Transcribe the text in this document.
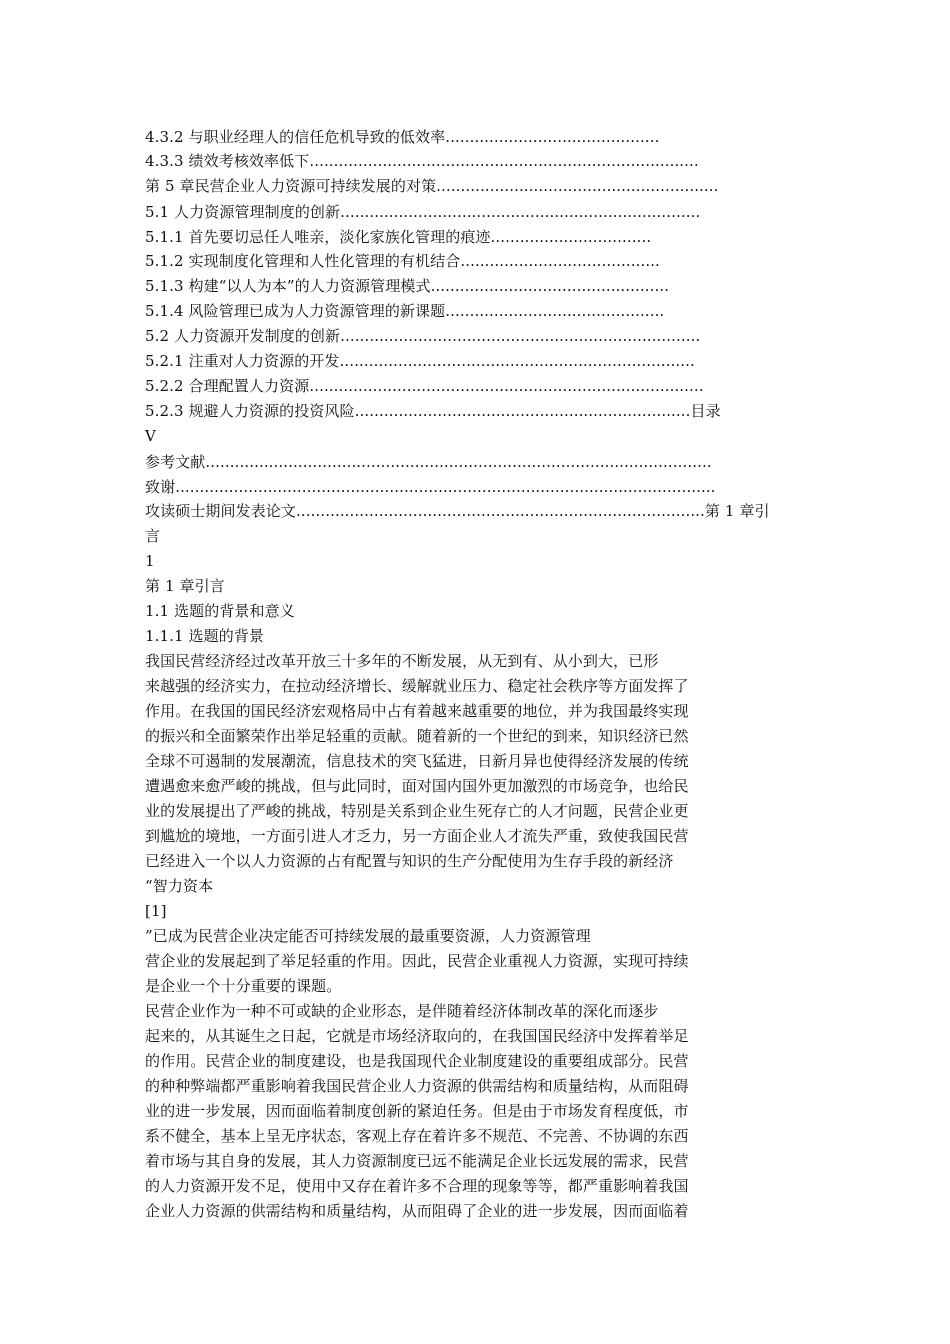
4.3.2 与职业经理人的信任危机导致的低效率............................................
4.3.3 绩效考核效率低下................................................................................
第 5 章民营企业人力资源可持续发展的对策..........................................................
5.1 人力资源管理制度的创新..........................................................................
5.1.1 首先要切忌任人唯亲，淡化家族化管理的痕迹.................................
5.1.2 实现制度化管理和人性化管理的有机结合.........................................
5.1.3 构建“以人为本”的人力资源管理模式.................................................
5.1.4 风险管理已成为人力资源管理的新课题.............................................
5.2 人力资源开发制度的创新..........................................................................
5.2.1 注重对人力资源的开发.........................................................................
5.2.2 合理配置人力资源.................................................................................
5.2.3 规避人力资源的投资风险.....................................................................目录
V
参考文献........................................................................................................
致谢...............................................................................................................
攻读硕士期间发表论文....................................................................................第 1 章引
言
1
第 1 章引言
1.1 选题的背景和意义
1.1.1 选题的背景
我国民营经济经过改革开放三十多年的不断发展，从无到有、从小到大，已形
来越强的经济实力，在拉动经济增长、缓解就业压力、稳定社会秩序等方面发挥了
作用。在我国的国民经济宏观格局中占有着越来越重要的地位，并为我国最终实现
的振兴和全面繁荣作出举足轻重的贡献。随着新的一个世纪的到来，知识经济已然
全球不可遏制的发展潮流，信息技术的突飞猛进，日新月异也使得经济发展的传统
遭遇愈来愈严峻的挑战，但与此同时，面对国内国外更加激烈的市场竞争，也给民
业的发展提出了严峻的挑战，特别是关系到企业生死存亡的人才问题，民营企业更
到尴尬的境地，一方面引进人才乏力，另一方面企业人才流失严重，致使我国民营
已经进入一个以人力资源的占有配置与知识的生产分配使用为生存手段的新经济
“智力资本
[1]
”已成为民营企业决定能否可持续发展的最重要资源，人力资源管理
营企业的发展起到了举足轻重的作用。因此，民营企业重视人力资源，实现可持续
是企业一个十分重要的课题。
民营企业作为一种不可或缺的企业形态，是伴随着经济体制改革的深化而逐步
起来的，从其诞生之日起，它就是市场经济取向的，在我国国民经济中发挥着举足
的作用。民营企业的制度建设，也是我国现代企业制度建设的重要组成部分。民营
的种种弊端都严重影响着我国民营企业人力资源的供需结构和质量结构，从而阻碍
业的进一步发展，因而面临着制度创新的紧迫任务。但是由于市场发育程度低，市
系不健全，基本上呈无序状态，客观上存在着许多不规范、不完善、不协调的东西
着市场与其自身的发展，其人力资源制度已远不能满足企业长远发展的需求，民营
的人力资源开发不足，使用中又存在着许多不合理的现象等等，都严重影响着我国
企业人力资源的供需结构和质量结构，从而阻碍了企业的进一步发展，因而面临着
